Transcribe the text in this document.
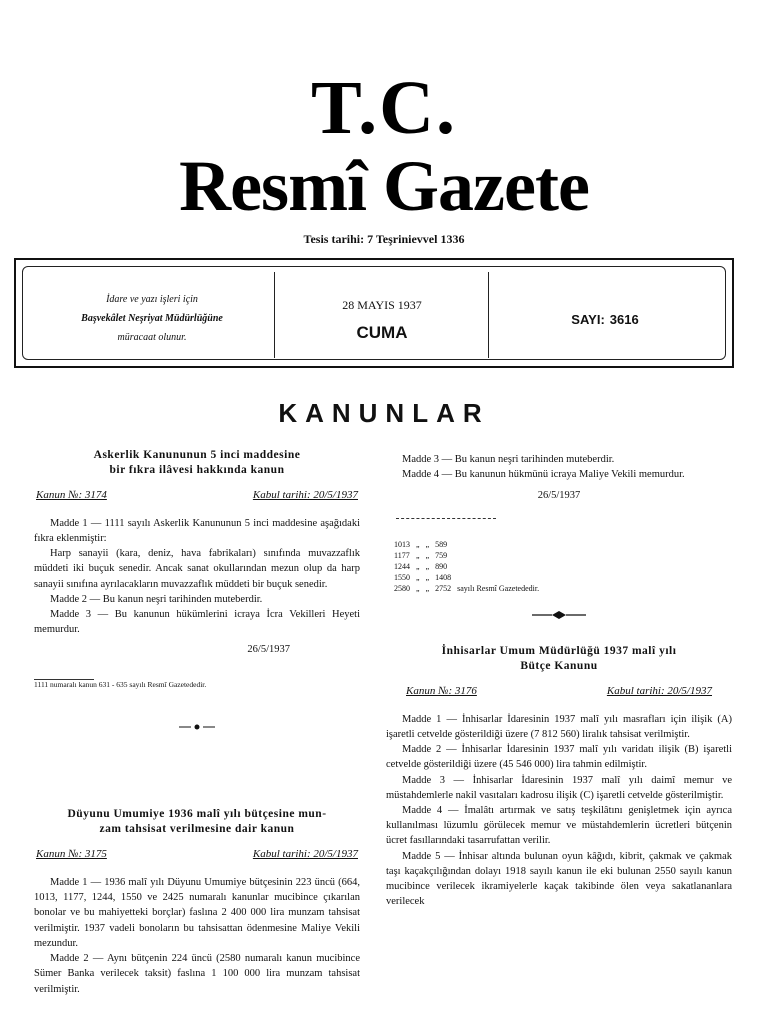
T.C.
Resmî Gazete
Tesis tarihi: 7 Teşrinievvel 1336
İdare ve yazı işleri için
Başvekâlet Neşriyat Müdürlüğüne
müracaat olunur.
28 MAYIS 1937
CUMA
SAYI: 3616
KANUNLAR
Askerlik Kanununun 5 inci maddesine
bir fıkra ilâvesi hakkında kanun
Kanun №: 3174	Kabul tarihi: 20/5/1937

Madde 1 — 1111 sayılı Askerlik Kanununun 5 inci maddesine aşağıdaki fıkra eklenmiştir:

Harp sanayii (kara, deniz, hava fabrikaları) sınıfında muvazzaflık müddeti iki buçuk senedir. Ancak sanat okullarından mezun olup da harp sanayii sınıfına ayrılacakların muvazzaflık müddeti bir buçuk senedir.

Madde 2 — Bu kanun neşri tarihinden muteberdir.

Madde 3 — Bu kanunun hükümlerini icraya İcra Vekilleri Heyeti memurdur.

26/5/1937
1111 numaralı kanun 631 - 635 sayılı Resmî Gazetededir.
Düyunu Umumiye 1936 malî yılı bütçesine mun-
zam tahsisat verilmesine dair kanun
Kanun №: 3175	Kabul tarihi: 20/5/1937

Madde 1 — 1936 malî yılı Düyunu Umumiye bütçesinin 223 üncü (664, 1013, 1177, 1244, 1550 ve 2425 numaralı kanunlar mucibince çıkarılan bonolar ve bu mahiyetteki borçlar) faslına 2 400 000 lira munzam tahsisat verilmiştir. 1937 vadeli bonoların bu tahsisattan ödenmesine Maliye Vekili mezundur.

Madde 2 — Aynı bütçenin 224 üncü (2580 numaralı kanun mucibince Sümer Banka verilecek taksit) faslına 1 100 000 lira munzam tahsisat verilmiştir.

Madde 3 — Bu kanun neşri tarihinden muteberdir.

Madde 4 — Bu kanunun hükmünü icraya Maliye Vekili memurdur.

26/5/1937
1013	„	„	589	
1177	„	„	759	
1244	„	„	890	
1550	„	„	1408	
2580	„	„	2752	sayılı Resmî Gazetededir.
İnhisarlar Umum Müdürlüğü 1937 malî yılı
Bütçe Kanunu
Kanun №: 3176	Kabul tarihi: 20/5/1937

Madde 1 — İnhisarlar İdaresinin 1937 malî yılı masrafları için ilişik (A) işaretli cetvelde gösterildiği üzere (7 812 560) liralık tahsisat verilmiştir.

Madde 2 — İnhisarlar İdaresinin 1937 malî yılı varidatı ilişik (B) işaretli cetvelde gösterildiği üzere (45 546 000) lira tahmin edilmiştir.

Madde 3 — İnhisarlar İdaresinin 1937 malî yılı daimî memur ve müstahdemlerle nakil vasıtaları kadrosu ilişik (C) işaretli cetvelde gösterilmiştir.

Madde 4 — İmalâtı artırmak ve satış teşkilâtını genişletmek için ayrıca kullanılması lüzumlu görülecek memur ve müstahdemlerin ücretleri bütçenin ücret fasıllarındaki tasarrufattan verilir.

Madde 5 — İnhisar altında bulunan oyun kâğıdı, kibrit, çakmak ve çakmak taşı kaçakçılığından dolayı 1918 sayılı kanun ile eki bulunan 2550 sayılı kanun mucibince verilecek ikramiyelerle kaçak takibinde ölen veya sakatlananlara verilecek
